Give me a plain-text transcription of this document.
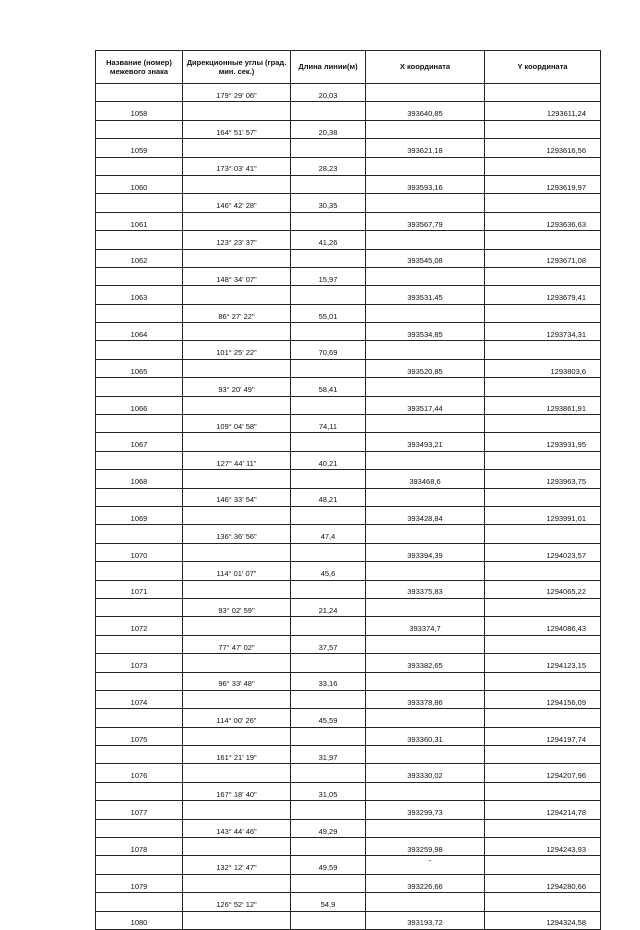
Название (номер) межевого знака	Дирекционные углы (град. мин. сек.)	Длина линии(м)	X координата	Y координата
	179° 29' 06"	20,03		
1058			393640,85	1293611,24
	164° 51' 57"	20,38		
1059			393621,18	1293616,56
	173° 03' 41"	28,23		
1060			393593,16	1293619,97
	146° 42' 28"	30,35		
1061			393567,79	1293636,63
	123° 23' 37"	41,26		
1062			393545,08	1293671,08
	148° 34' 07"	15,97		
1063			393531,45	1293679,41
	86° 27' 22"	55,01		
1064			393534,85	1293734,31
	101° 25' 22"	70,69		
1065			393520,85	1293803,6
	93° 20' 49"	58,41		
1066			393517,44	1293861,91
	109° 04' 58"	74,11		
1067			393493,21	1293931,95
	127° 44' 11"	40,21		
1068			393468,6	1293963,75
	146° 33' 54"	48,21		
1069			393428,84	1293991,01
	136° 36' 56"	47,4		
1070			393394,39	1294023,57
	114° 01' 07"	45,6		
1071			393375,83	1294065,22
	93° 02' 59"	21,24		
1072			393374,7	1294086,43
	77° 47' 02"	37,57		
1073			393382,65	1294123,15
	96° 33' 48"	33,16		
1074			393378,86	1294156,09
	114° 00' 26"	45,59		
1075			393360,31	1294197,74
	161° 21' 19"	31,97		
1076			393330,02	1294207,96
	167° 18' 40"	31,05		
1077			393299,73	1294214,78
	143° 44' 46"	49,29		
1078			393259,98	1294243,93
	132° 12' 47"	49,59		
1079			393226,66	1294280,66
	126° 52' 12"	54,9		
1080			393193,72	1294324,58
